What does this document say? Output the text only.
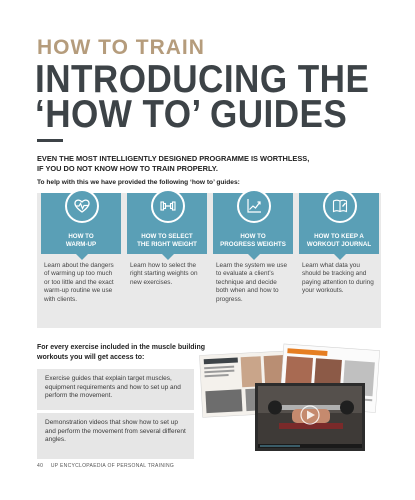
HOW TO TRAIN
INTRODUCING THE
‘HOW TO’ GUIDES
EVEN THE MOST INTELLIGENTLY DESIGNED PROGRAMME IS WORTHLESS,
IF YOU DO NOT KNOW HOW TO TRAIN PROPERLY.
To help with this we have provided the following ‘how to’ guides:
HOW TO
WARM-UP
Learn about the dangers of warming up too much or too little and the exact warm-up routine we use with clients.
HOW TO SELECT
THE RIGHT WEIGHT
Learn how to select the right starting weights on new exercises.
HOW TO
PROGRESS WEIGHTS
Learn the system we use to evaluate a client’s technique and decide both when and how to progress.
HOW TO KEEP A
WORKOUT JOURNAL
Learn what data you should be tracking and paying attention to during your workouts.
For every exercise included in the muscle building workouts you will get access to:
Exercise guides that explain target muscles, equipment requirements and how to set up and perform the movement.
Demonstration videos that show how to set up and perform the movement from several different angles.
40 UP ENCYCLOPAEDIA OF PERSONAL TRAINING
